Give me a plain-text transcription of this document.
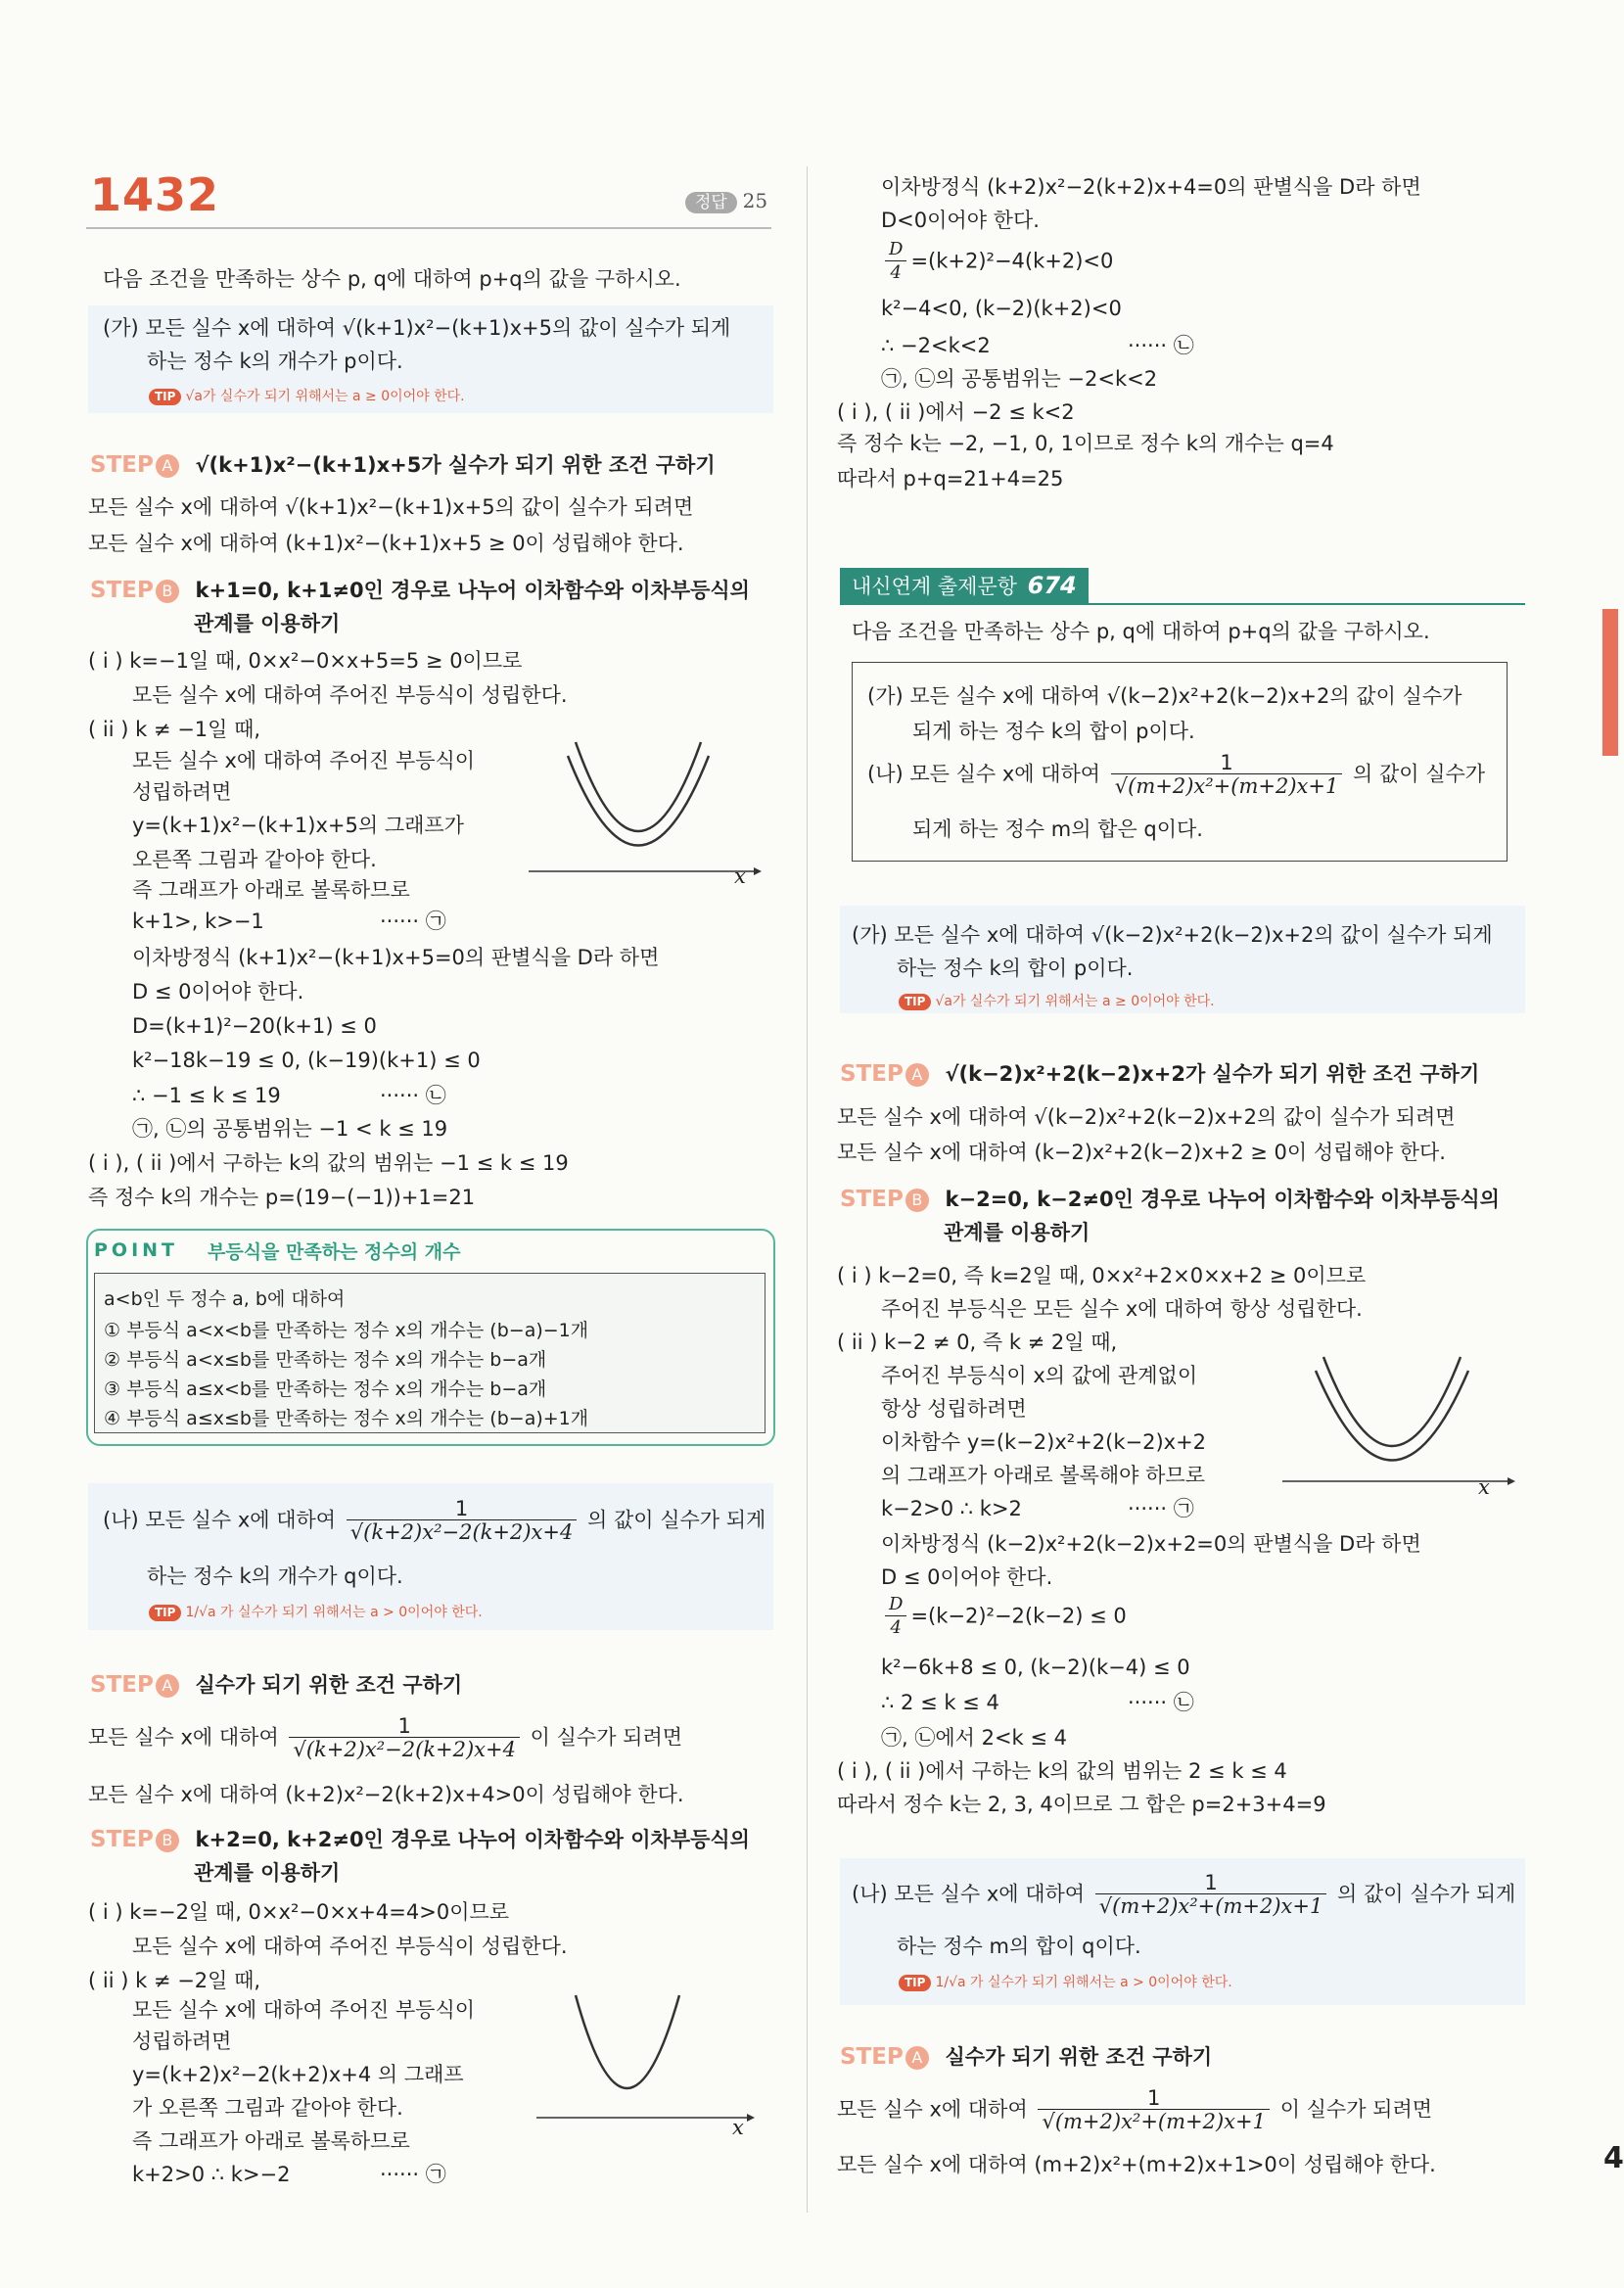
1432	정답 25
다음 조건을 만족하는 상수 p, q에 대하여 p+q의 값을 구하시오.
(가) 모든 실수 x에 대하여 √(k+1)x²−(k+1)x+5의 값이 실수가 되게
하는 정수 k의 개수가 p이다.
TIP √a가 실수가 되기 위해서는 a ≥ 0이어야 한다.
STEP A √(k+1)x²−(k+1)x+5가 실수가 되기 위한 조건 구하기
모든 실수 x에 대하여 √(k+1)x²−(k+1)x+5의 값이 실수가 되려면
모든 실수 x에 대하여 (k+1)x²−(k+1)x+5 ≥ 0이 성립해야 한다.
STEP B k+1=0, k+1≠0인 경우로 나누어 이차함수와 이차부등식의
관계를 이용하기
( i ) k=−1일 때, 0×x²−0×x+5=5 ≥ 0이므로
모든 실수 x에 대하여 주어진 부등식이 성립한다.
( ii ) k ≠ −1일 때,
모든 실수 x에 대하여 주어진 부등식이
성립하려면
y=(k+1)x²−(k+1)x+5의 그래프가
오른쪽 그림과 같아야 한다.
즉 그래프가 아래로 볼록하므로
k+1>, k>−1	······ ㉠
이차방정식 (k+1)x²−(k+1)x+5=0의 판별식을 D라 하면
D ≤ 0이어야 한다.
D=(k+1)²−20(k+1) ≤ 0
k²−18k−19 ≤ 0, (k−19)(k+1) ≤ 0
∴ −1 ≤ k ≤ 19	······ ㉡
㉠, ㉡의 공통범위는 −1 < k ≤ 19
( i ), ( ii )에서 구하는 k의 값의 범위는 −1 ≤ k ≤ 19
즉 정수 k의 개수는 p=(19−(−1))+1=21
x
POINT 부등식을 만족하는 정수의 개수
a<b인 두 정수 a, b에 대하여
① 부등식 a<x<b를 만족하는 정수 x의 개수는 (b−a)−1개
② 부등식 a<x≤b를 만족하는 정수 x의 개수는 b−a개
③ 부등식 a≤x<b를 만족하는 정수 x의 개수는 b−a개
④ 부등식 a≤x≤b를 만족하는 정수 x의 개수는 (b−a)+1개
(나) 모든 실수 x에 대하여 $\frac{1}{\text{√(k+2)x²−2(k+2)x+4}}$ 의 값이 실수가 되게
하는 정수 k의 개수가 q이다.
TIP 1/√a 가 실수가 되기 위해서는 a > 0이어야 한다.
STEP A 실수가 되기 위한 조건 구하기
모든 실수 x에 대하여 $\frac{1}{\text{√(k+2)x²−2(k+2)x+4}}$ 이 실수가 되려면
모든 실수 x에 대하여 (k+2)x²−2(k+2)x+4>0이 성립해야 한다.
STEP B k+2=0, k+2≠0인 경우로 나누어 이차함수와 이차부등식의
관계를 이용하기
( i ) k=−2일 때, 0×x²−0×x+4=4>0이므로
모든 실수 x에 대하여 주어진 부등식이 성립한다.
( ii ) k ≠ −2일 때,
모든 실수 x에 대하여 주어진 부등식이
성립하려면
y=(k+2)x²−2(k+2)x+4 의 그래프
가 오른쪽 그림과 같아야 한다.
즉 그래프가 아래로 볼록하므로
k+2>0 ∴ k>−2	······ ㉠
x
이차방정식 (k+2)x²−2(k+2)x+4=0의 판별식을 D라 하면
D<0이어야 한다.
$\frac{D}{4} =(k+2)^2-4(k+2)<0$
k²−4<0, (k−2)(k+2)<0
∴ −2<k<2	······ ㉡
㉠, ㉡의 공통범위는 −2<k<2
( i ), ( ii )에서 −2 ≤ k<2
즉 정수 k는 −2, −1, 0, 1이므로 정수 k의 개수는 q=4
따라서 p+q=21+4=25
내신연계 출제문항 674
다음 조건을 만족하는 상수 p, q에 대하여 p+q의 값을 구하시오.
(가) 모든 실수 x에 대하여 √(k−2)x²+2(k−2)x+2의 값이 실수가
되게 하는 정수 k의 합이 p이다.
(나) 모든 실수 x에 대하여 $\frac{1}{\text{√(m+2)x²+(m+2)x+1}}$ 의 값이 실수가
되게 하는 정수 m의 합은 q이다.
(가) 모든 실수 x에 대하여 √(k−2)x²+2(k−2)x+2의 값이 실수가 되게
하는 정수 k의 합이 p이다.
TIP √a가 실수가 되기 위해서는 a ≥ 0이어야 한다.
STEP A √(k−2)x²+2(k−2)x+2가 실수가 되기 위한 조건 구하기
모든 실수 x에 대하여 √(k−2)x²+2(k−2)x+2의 값이 실수가 되려면
모든 실수 x에 대하여 (k−2)x²+2(k−2)x+2 ≥ 0이 성립해야 한다.
STEP B k−2=0, k−2≠0인 경우로 나누어 이차함수와 이차부등식의
관계를 이용하기
( i ) k−2=0, 즉 k=2일 때, 0×x²+2×0×x+2 ≥ 0이므로
주어진 부등식은 모든 실수 x에 대하여 항상 성립한다.
( ii ) k−2 ≠ 0, 즉 k ≠ 2일 때,
주어진 부등식이 x의 값에 관계없이
항상 성립하려면
이차함수 y=(k−2)x²+2(k−2)x+2
의 그래프가 아래로 볼록해야 하므로
k−2>0 ∴ k>2	······ ㉠
이차방정식 (k−2)x²+2(k−2)x+2=0의 판별식을 D라 하면
D ≤ 0이어야 한다.
$\frac{D}{4} =(k-2)^2-2(k-2) \le 0$
k²−6k+8 ≤ 0, (k−2)(k−4) ≤ 0
∴ 2 ≤ k ≤ 4	······ ㉡
㉠, ㉡에서 2<k ≤ 4
( i ), ( ii )에서 구하는 k의 값의 범위는 2 ≤ k ≤ 4
따라서 정수 k는 2, 3, 4이므로 그 합은 p=2+3+4=9
x
(나) 모든 실수 x에 대하여 $\frac{1}{\text{√(m+2)x²+(m+2)x+1}}$ 의 값이 실수가 되게
하는 정수 m의 합이 q이다.
TIP 1/√a 가 실수가 되기 위해서는 a > 0이어야 한다.
STEP A 실수가 되기 위한 조건 구하기
모든 실수 x에 대하여 $\frac{1}{\text{√(m+2)x²+(m+2)x+1}}$ 이 실수가 되려면
모든 실수 x에 대하여 (m+2)x²+(m+2)x+1>0이 성립해야 한다.	4
